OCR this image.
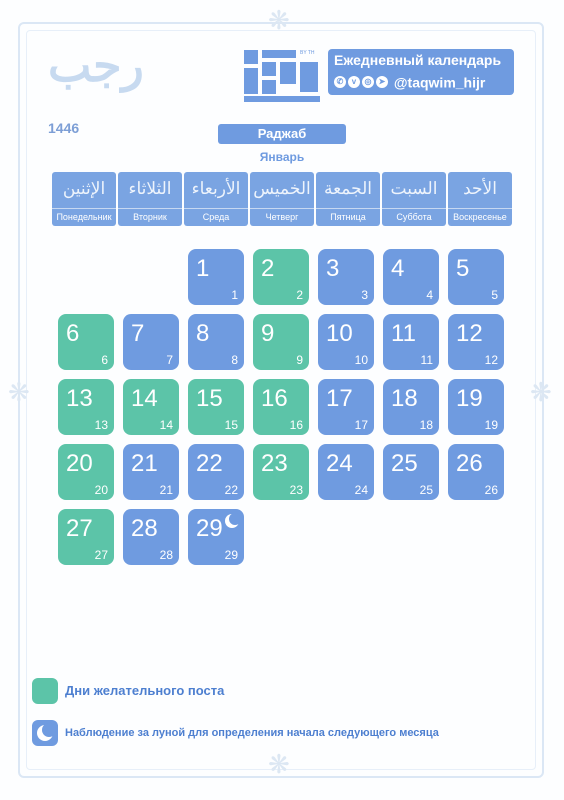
❋	❋
❋
❋
رجب
1446
BY TH Ежедневный календарь
✆ v ◎ ➤ @taqwim_hijr
Раджаб
Январь
الإثنين
Понедельник
الثلاثاء
Вторник
الأربعاء
Среда
الخميس
Четверг
الجمعة
Пятница
السبت
Суббота
الأحد
Воскресенье
1
1
2
2
3
3
4
4
5
5
6
6
7
7
8
8
9
9
10
10
11
11
12
12
13
13
14
14
15
15
16
16
17
17
18
18
19
19
20
20
21
21
22
22
23
23
24
24
25
25
26
26
27
27
28
28
29
29
Дни желательного поста
Наблюдение за луной для определения начала следующего месяца
